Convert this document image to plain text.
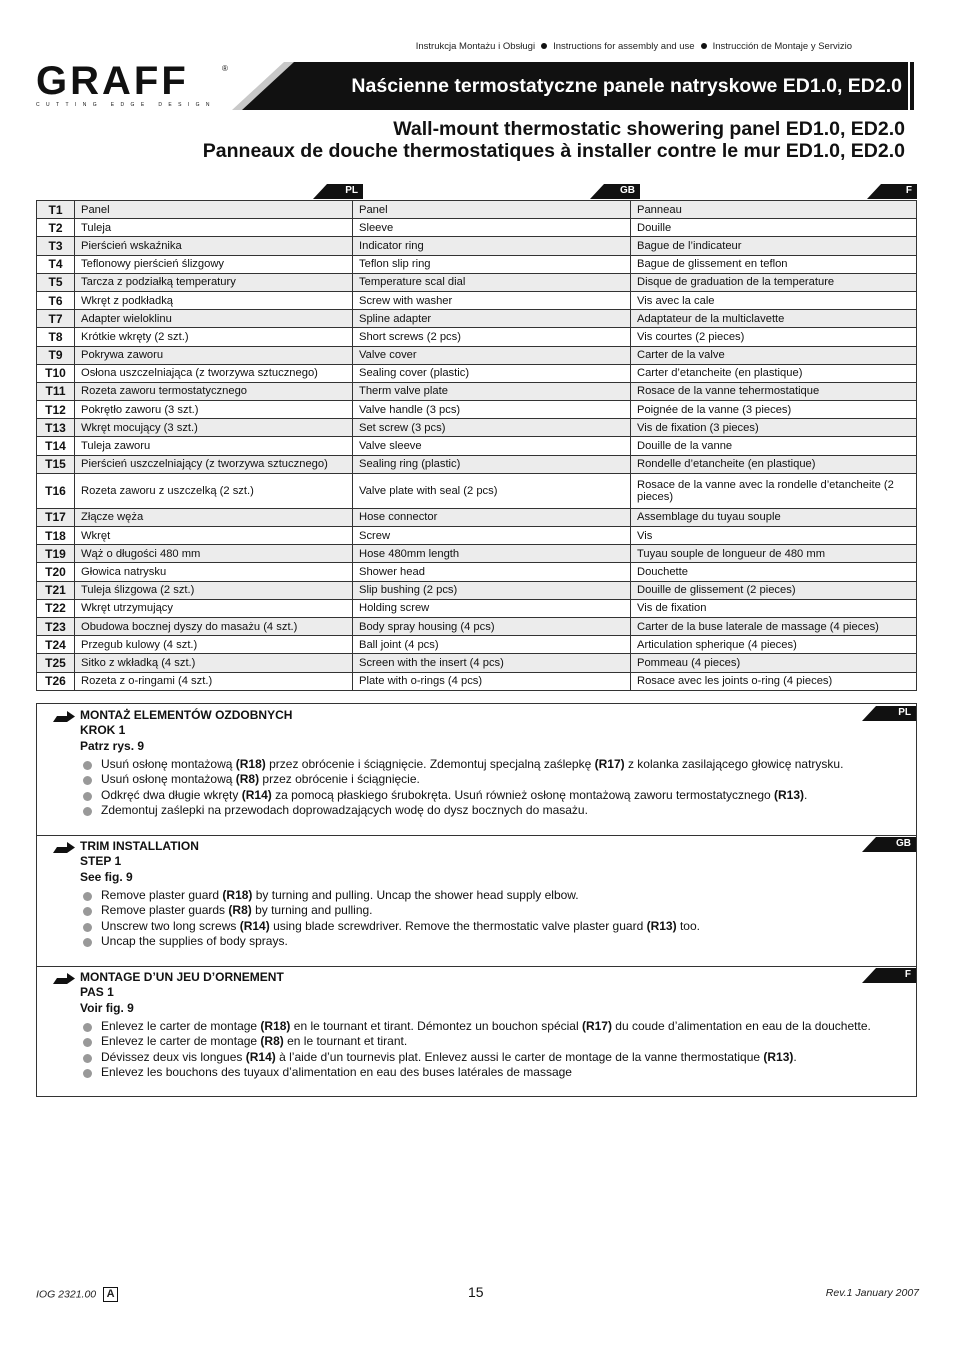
Instrukcja Montażu i Obsługi Instructions for assembly and use Instrucción de Montaje y Servizio
GRAFF	®
CUTTING EDGE DESIGN
Naścienne termostatyczne panele natryskowe ED1.0, ED2.0
Wall-mount thermostatic showering panel ED1.0, ED2.0
Panneaux de douche thermostatiques à installer contre le mur ED1.0, ED2.0
PL	GB	F
T1	Panel	Panel	Panneau
T2	Tuleja	Sleeve	Douille
T3	Pierścień wskaźnika	Indicator ring	Bague de l’indicateur
T4	Teflonowy pierścień ślizgowy	Teflon slip ring	Bague de glissement en teflon
T5	Tarcza z podziałką temperatury	Temperature scal dial	Disque de graduation de la temperature
T6	Wkręt z podkładką	Screw with washer	Vis avec la cale
T7	Adapter wieloklinu	Spline adapter	Adaptateur de la multiclavette
T8	Krótkie wkręty (2 szt.)	Short screws (2 pcs)	Vis courtes (2 pieces)
T9	Pokrywa zaworu	Valve cover	Carter de la valve
T10	Osłona uszczelniająca (z tworzywa sztucznego)	Sealing cover (plastic)	Carter d’etancheite (en plastique)
T11	Rozeta zaworu termostatycznego	Therm valve plate	Rosace de la vanne tehermostatique
T12	Pokrętło zaworu (3 szt.)	Valve handle (3 pcs)	Poignée de la vanne (3 pieces)
T13	Wkręt mocujący (3 szt.)	Set screw (3 pcs)	Vis de fixation (3 pieces)
T14	Tuleja zaworu	Valve sleeve	Douille de la vanne
T15	Pierścień uszczelniający (z tworzywa sztucznego)	Sealing ring (plastic)	Rondelle d’etancheite (en plastique)
T16	Rozeta zaworu z uszczelką (2 szt.)	Valve plate with seal (2 pcs)	Rosace de la vanne avec la rondelle d’etancheite (2 pieces)
T17	Złącze węża	Hose connector	Assemblage du tuyau souple
T18	Wkręt	Screw	Vis
T19	Wąż o długości 480 mm	Hose 480mm length	Tuyau souple de longueur de 480 mm
T20	Głowica natrysku	Shower head	Douchette
T21	Tuleja ślizgowa (2 szt.)	Slip bushing (2 pcs)	Douille de glissement (2 pieces)
T22	Wkręt utrzymujący	Holding screw	Vis de fixation
T23	Obudowa bocznej dyszy do masażu (4 szt.)	Body spray housing (4 pcs)	Carter de la buse laterale de massage (4 pieces)
T24	Przegub kulowy (4 szt.)	Ball joint (4 pcs)	Articulation spherique (4 pieces)
T25	Sitko z wkładką (4 szt.)	Screen with the insert (4 pcs)	Pommeau (4 pieces)
T26	Rozeta z o-ringami (4 szt.)	Plate with o-rings (4 pcs)	Rosace avec les joints o-ring (4 pieces)
MONTAŻ ELEMENTÓW OZDOBNYCH
KROK 1
Patrz rys. 9
PL
Usuń osłonę montażową (R18) przez obrócenie i ściągnięcie. Zdemontuj specjalną zaślepkę (R17) z kolanka zasilającego głowicę natrysku.
Usuń osłonę montażową (R8) przez obrócenie i ściągnięcie.
Odkręć dwa długie wkręty (R14) za pomocą płaskiego śrubokręta. Usuń również osłonę montażową zaworu termostatycznego (R13).
Zdemontuj zaślepki na przewodach doprowadzających wodę do dysz bocznych do masażu.
TRIM INSTALLATION
STEP 1
See fig. 9
GB
Remove plaster guard (R18) by turning and pulling. Uncap the shower head supply elbow.
Remove plaster guards (R8) by turning and pulling.
Unscrew two long screws (R14) using blade screwdriver. Remove the thermostatic valve plaster guard (R13) too.
Uncap the supplies of body sprays.
MONTAGE D’UN JEU D’ORNEMENT
PAS 1
Voir fig. 9
F
Enlevez le carter de montage (R18) en le tournant et tirant. Démontez un bouchon spécial (R17) du coude d’alimentation en eau de la douchette.
Enlevez le carter de montage (R8) en le tournant et tirant.
Dévissez deux vis longues (R14) à l’aide d’un tournevis plat. Enlevez aussi le carter de montage de la vanne thermostatique (R13).
Enlevez les bouchons des tuyaux d’alimentation en eau des buses latérales de massage
IOG 2321.00 A	15	Rev.1 January 2007
